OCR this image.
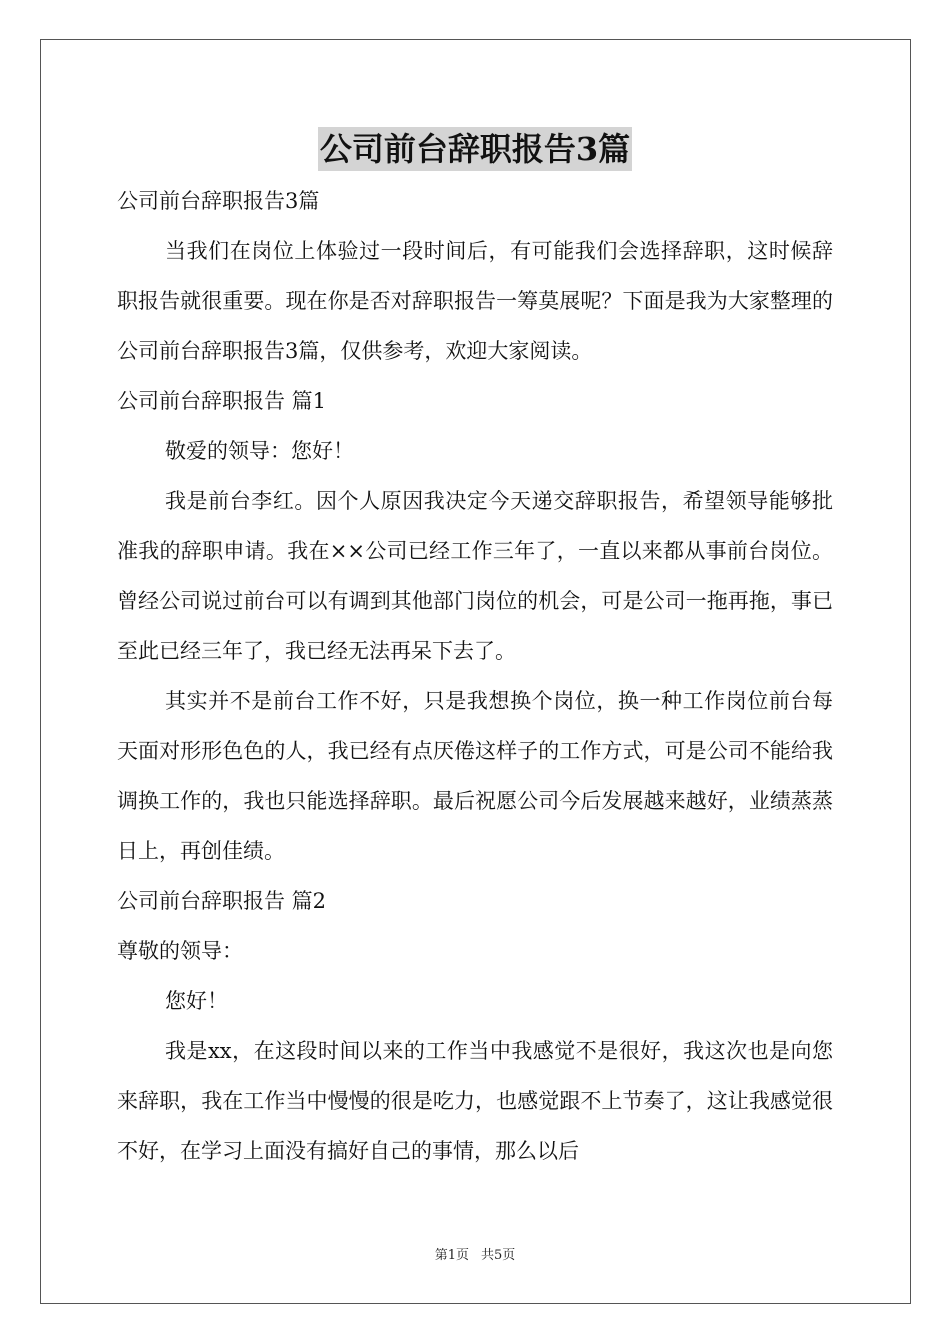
公司前台辞职报告3篇

公司前台辞职报告3篇

当我们在岗位上体验过一段时间后，有可能我们会选择辞职，这时候辞职报告就很重要。现在你是否对辞职报告一筹莫展呢？下面是我为大家整理的公司前台辞职报告3篇，仅供参考，欢迎大家阅读。

公司前台辞职报告 篇1

敬爱的领导：您好！

我是前台李红。因个人原因我决定今天递交辞职报告，希望领导能够批准我的辞职申请。我在××公司已经工作三年了，一直以来都从事前台岗位。曾经公司说过前台可以有调到其他部门岗位的机会，可是公司一拖再拖，事已至此已经三年了，我已经无法再呆下去了。

其实并不是前台工作不好，只是我想换个岗位，换一种工作岗位前台每天面对形形色色的人，我已经有点厌倦这样子的工作方式，可是公司不能给我调换工作的，我也只能选择辞职。最后祝愿公司今后发展越来越好，业绩蒸蒸日上，再创佳绩。

公司前台辞职报告 篇2

尊敬的领导：

您好！

我是xx，在这段时间以来的工作当中我感觉不是很好，我这次也是向您来辞职，我在工作当中慢慢的很是吃力，也感觉跟不上节奏了，这让我感觉很不好，在学习上面没有搞好自己的事情，那么以后

第1页 共5页
